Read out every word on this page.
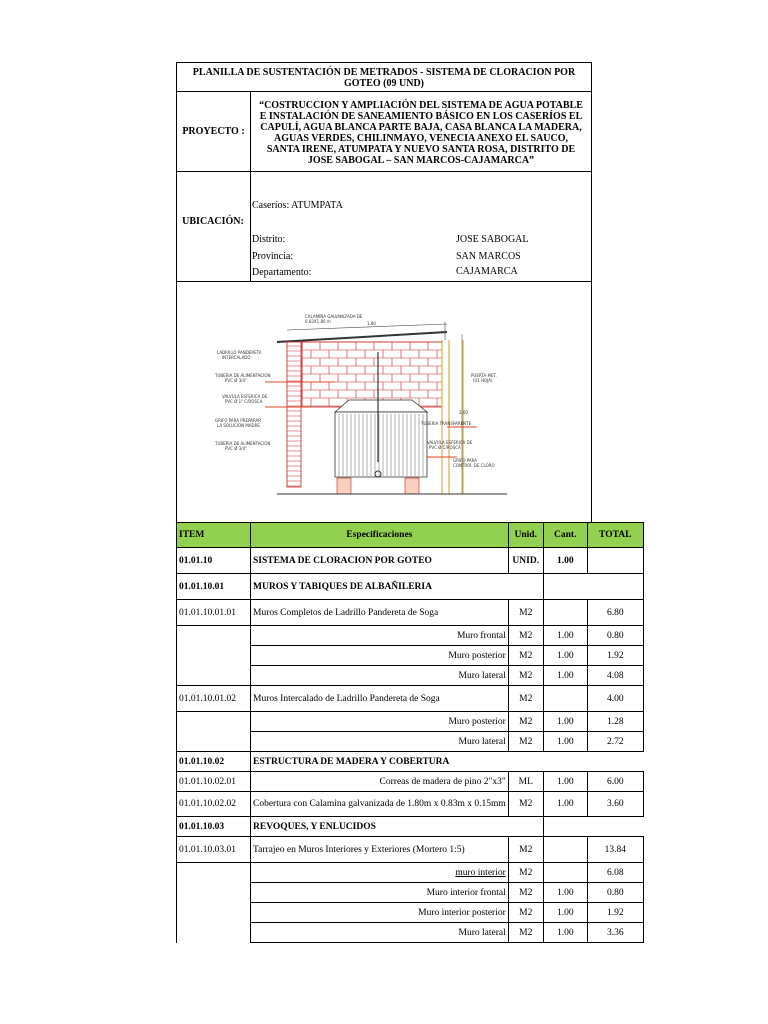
PLANILLA DE SUSTENTACIÓN DE METRADOS - SISTEMA DE CLORACION POR GOTEO (09 UND)
PROYECTO :
“COSTRUCCION Y AMPLIACIÓN DEL SISTEMA DE AGUA POTABLE E INSTALACIÓN DE SANEAMIENTO BÁSICO EN LOS CASERÍOS EL CAPULÍ, AGUA BLANCA PARTE BAJA, CASA BLANCA LA MADERA, AGUAS VERDES, CHILINMAYO, VENECIA ANEXO EL SAUCO, SANTA IRENE, ATUMPATA Y NUEVO SANTA ROSA, DISTRITO DE JOSE SABOGAL – SAN MARCOS-CAJAMARCA”
UBICACIÓN:
Caseríos: ATUMPATA
Distrito:	JOSE SABOGAL
Provincia:	SAN MARCOS
Departamento:	CAJAMARCA
CALAMINA GALVANIZADA DE
0.83X1.80 m	1.80
LADRILLO PANDERETA
INTERCALADO
TUBERIA DE ALIMENTACION
PVC Ø 3/4"
VALVULA ESFERICA DE
PVC Ø 1" C/ROSCA
GRIFO PARA PREPARAR
LA SOLUCION MADRE
TUBERIA DE ALIMENTACION
PVC Ø 3/4"
PUERTA MET.
(01 HOJA)
2.00
TUBERIA TRANSPARENTE
VALVULA ESFERICA DE
PVC Ø C/ROSCA
GRIFO PARA
CONTROL DE CLORO
ITEM	Especificaciones	Unid.	Cant.	TOTAL
01.01.10	SISTEMA DE CLORACION POR GOTEO	UNID.	1.00	
01.01.10.01	MUROS Y TABIQUES DE ALBAÑILERIA			
01.01.10.01.01	Muros Completos de Ladrillo Pandereta de Soga	M2		6.80
	Muro frontal	M2	1.00	0.80
	Muro posterior	M2	1.00	1.92
	Muro lateral	M2	1.00	4.08
01.01.10.01.02	Muros Intercalado de Ladrillo Pandereta de Soga	M2		4.00
	Muro posterior	M2	1.00	1.28
	Muro lateral	M2	1.00	2.72
01.01.10.02	ESTRUCTURA DE MADERA Y COBERTURA			
01.01.10.02.01	Correas de madera de pino 2"x3"	ML	1.00	6.00
01.01.10.02.02	Cobertura con Calamina galvanizada de 1.80m x 0.83m x 0.15mm	M2	1.00	3.60
01.01.10.03	REVOQUES, Y ENLUCIDOS			
01.01.10.03.01	Tarrajeo en Muros Interiores y Exteriores (Mortero 1:5)	M2		13.84
	muro interior	M2		6.08
	Muro interior frontal	M2	1.00	0.80
	Muro interior posterior	M2	1.00	1.92
	Muro lateral	M2	1.00	3.36
